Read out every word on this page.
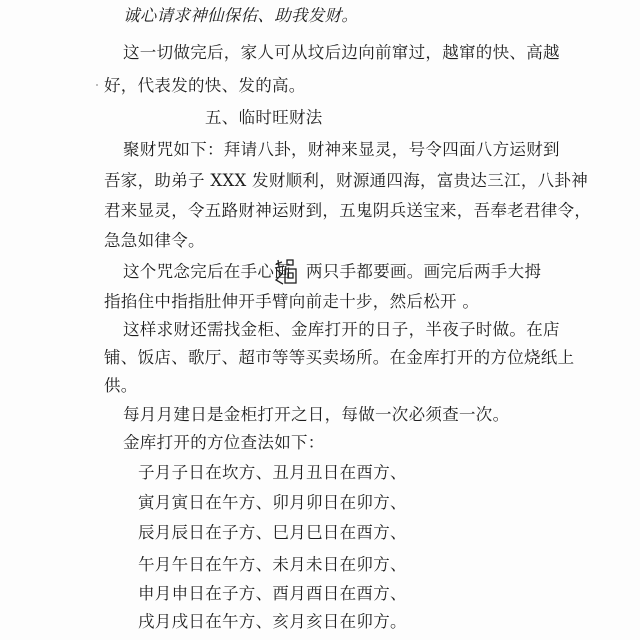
诚心请求神仙保佑、助我发财。
这一切做完后，家人可从坟后边向前窜过，越窜的快、高越
好，代表发的快、发的高。
五、临时旺财法
聚财咒如下：拜请八卦，财神来显灵，号令四面八方运财到
吾家，助弟子 XXX 发财顺利，财源通四海，富贵达三江，八卦神
君来显灵，令五路财神运财到，五鬼阴兵送宝来，吾奉老君律令，
急急如律令。
这个咒念完后在手心画 两只手都要画。画完后两手大拇
指掐住中指指肚伸开手臂向前走十步，然后松开 。
这样求财还需找金柜、金库打开的日子，半夜子时做。在店
铺、饭店、歌厅、超市等等买卖场所。在金库打开的方位烧纸上
供。
每月月建日是金柜打开之日，每做一次必须查一次。
金库打开的方位查法如下：
子月子日在坎方、丑月丑日在酉方、
寅月寅日在午方、卯月卯日在卯方、
辰月辰日在子方、巳月巳日在酉方、
午月午日在午方、未月未日在卯方、
申月申日在子方、酉月酉日在酉方、
戌月戌日在午方、亥月亥日在卯方。
